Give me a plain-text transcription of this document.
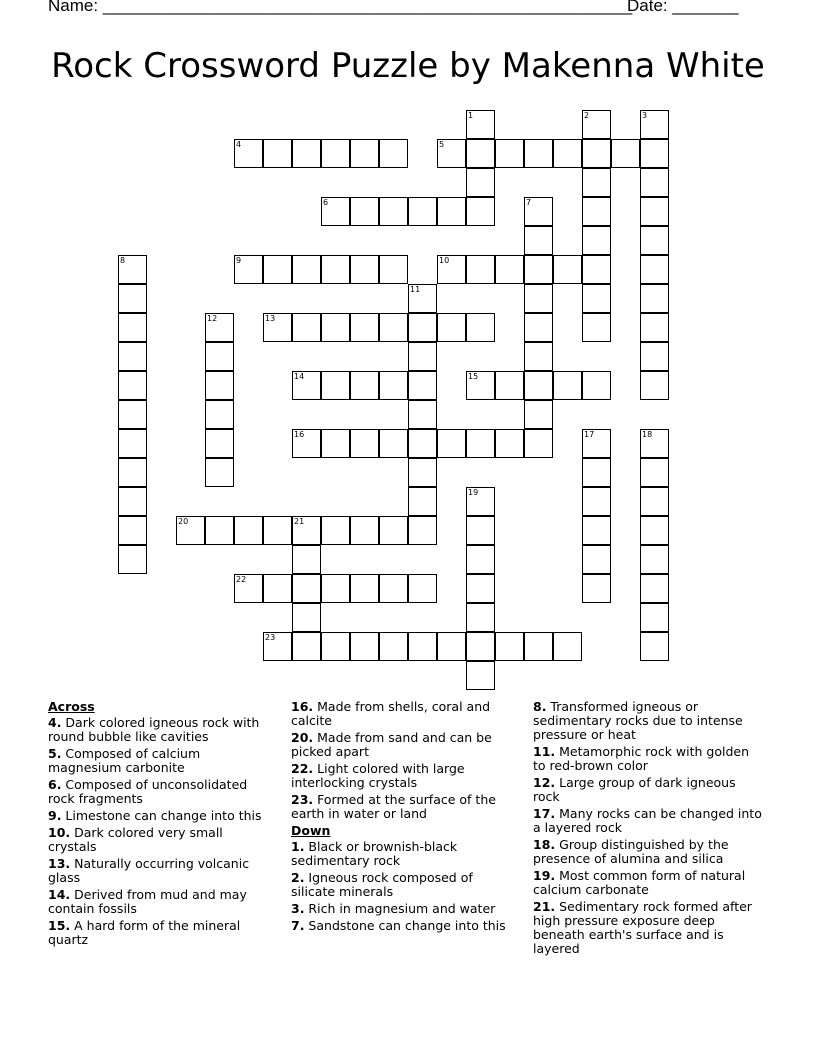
Name: ________________________________________________________
Date: _______
Rock Crossword Puzzle by Makenna White
1	2	3
4	5
6	7
8	9	10
11
12	13
14	15
16	17	18
19
20	21
22
23
Across
4. Dark colored igneous rock with round bubble like cavities
5. Composed of calcium magnesium carbonite
6. Composed of unconsolidated rock fragments
9. Limestone can change into this
10. Dark colored very small crystals
13. Naturally occurring volcanic glass
14. Derived from mud and may contain fossils
15. A hard form of the mineral quartz
16. Made from shells, coral and calcite
20. Made from sand and can be picked apart
22. Light colored with large interlocking crystals
23. Formed at the surface of the earth in water or land
Down
1. Black or brownish-black sedimentary rock
2. Igneous rock composed of silicate minerals
3. Rich in magnesium and water
7. Sandstone can change into this
8. Transformed igneous or sedimentary rocks due to intense pressure or heat
11. Metamorphic rock with golden to red-brown color
12. Large group of dark igneous rock
17. Many rocks can be changed into a layered rock
18. Group distinguished by the presence of alumina and silica
19. Most common form of natural calcium carbonate
21. Sedimentary rock formed after high pressure exposure deep beneath earth's surface and is layered
